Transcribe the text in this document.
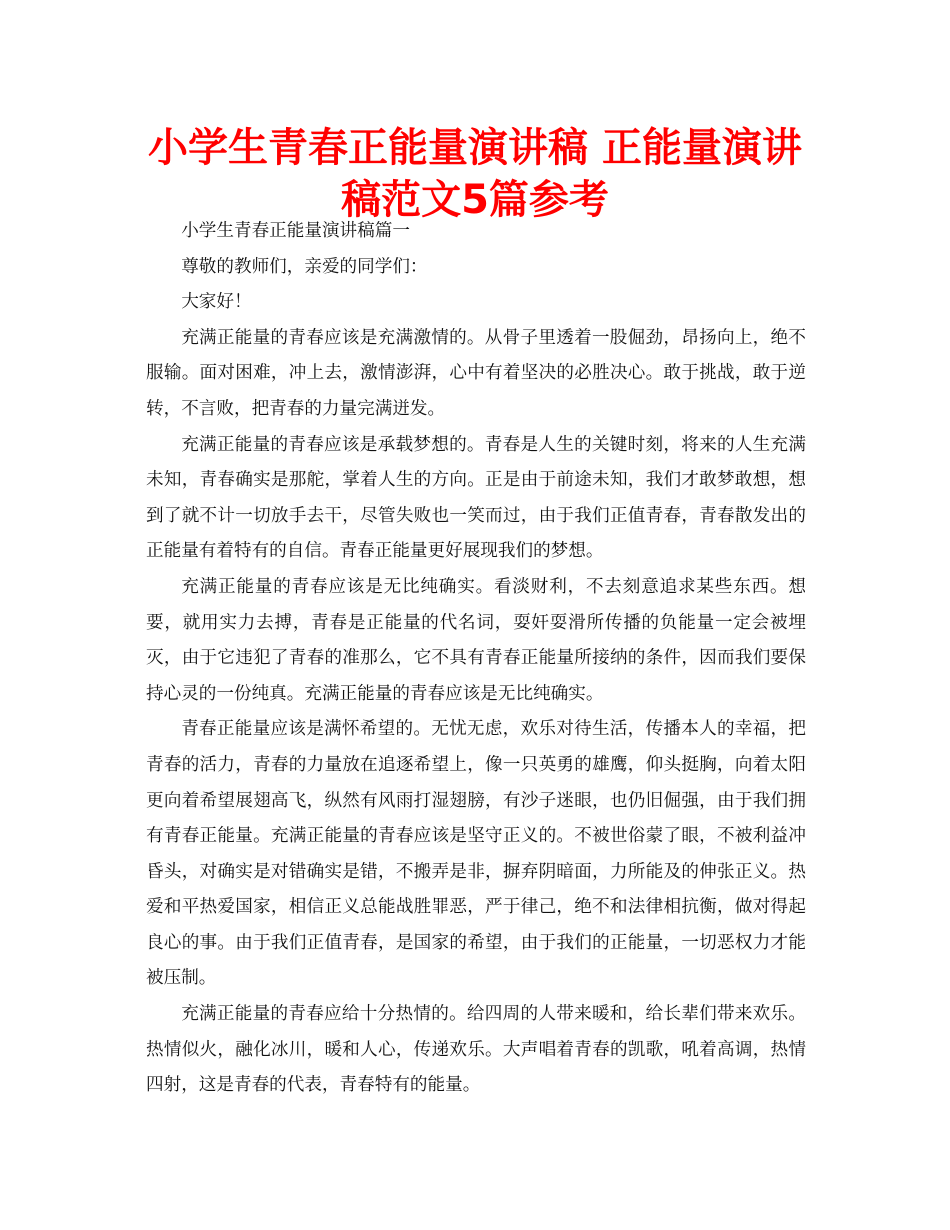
小学生青春正能量演讲稿 正能量演讲稿范文5篇参考

小学生青春正能量演讲稿篇一

尊敬的教师们，亲爱的同学们：

大家好！

充满正能量的青春应该是充满激情的。从骨子里透着一股倔劲，昂扬向上，绝不服输。面对困难，冲上去，激情澎湃，心中有着坚决的必胜决心。敢于挑战，敢于逆转，不言败，把青春的力量完满迸发。

充满正能量的青春应该是承载梦想的。青春是人生的关键时刻，将来的人生充满未知，青春确实是那舵，掌着人生的方向。正是由于前途未知，我们才敢梦敢想，想到了就不计一切放手去干，尽管失败也一笑而过，由于我们正值青春，青春散发出的正能量有着特有的自信。青春正能量更好展现我们的梦想。

充满正能量的青春应该是无比纯确实。看淡财利，不去刻意追求某些东西。想要，就用实力去搏，青春是正能量的代名词，耍奸耍滑所传播的负能量一定会被埋灭，由于它违犯了青春的准那么，它不具有青春正能量所接纳的条件，因而我们要保持心灵的一份纯真。充满正能量的青春应该是无比纯确实。

青春正能量应该是满怀希望的。无忧无虑，欢乐对待生活，传播本人的幸福，把青春的活力，青春的力量放在追逐希望上，像一只英勇的雄鹰，仰头挺胸，向着太阳更向着希望展翅高飞，纵然有风雨打湿翅膀，有沙子迷眼，也仍旧倔强，由于我们拥有青春正能量。充满正能量的青春应该是坚守正义的。不被世俗蒙了眼，不被利益冲昏头，对确实是对错确实是错，不搬弄是非，摒弃阴暗面，力所能及的伸张正义。热爱和平热爱国家，相信正义总能战胜罪恶，严于律己，绝不和法律相抗衡，做对得起良心的事。由于我们正值青春，是国家的希望，由于我们的正能量，一切恶权力才能被压制。

充满正能量的青春应给十分热情的。给四周的人带来暖和，给长辈们带来欢乐。热情似火，融化冰川，暖和人心，传递欢乐。大声唱着青春的凯歌，吼着高调，热情四射，这是青春的代表，青春特有的能量。
